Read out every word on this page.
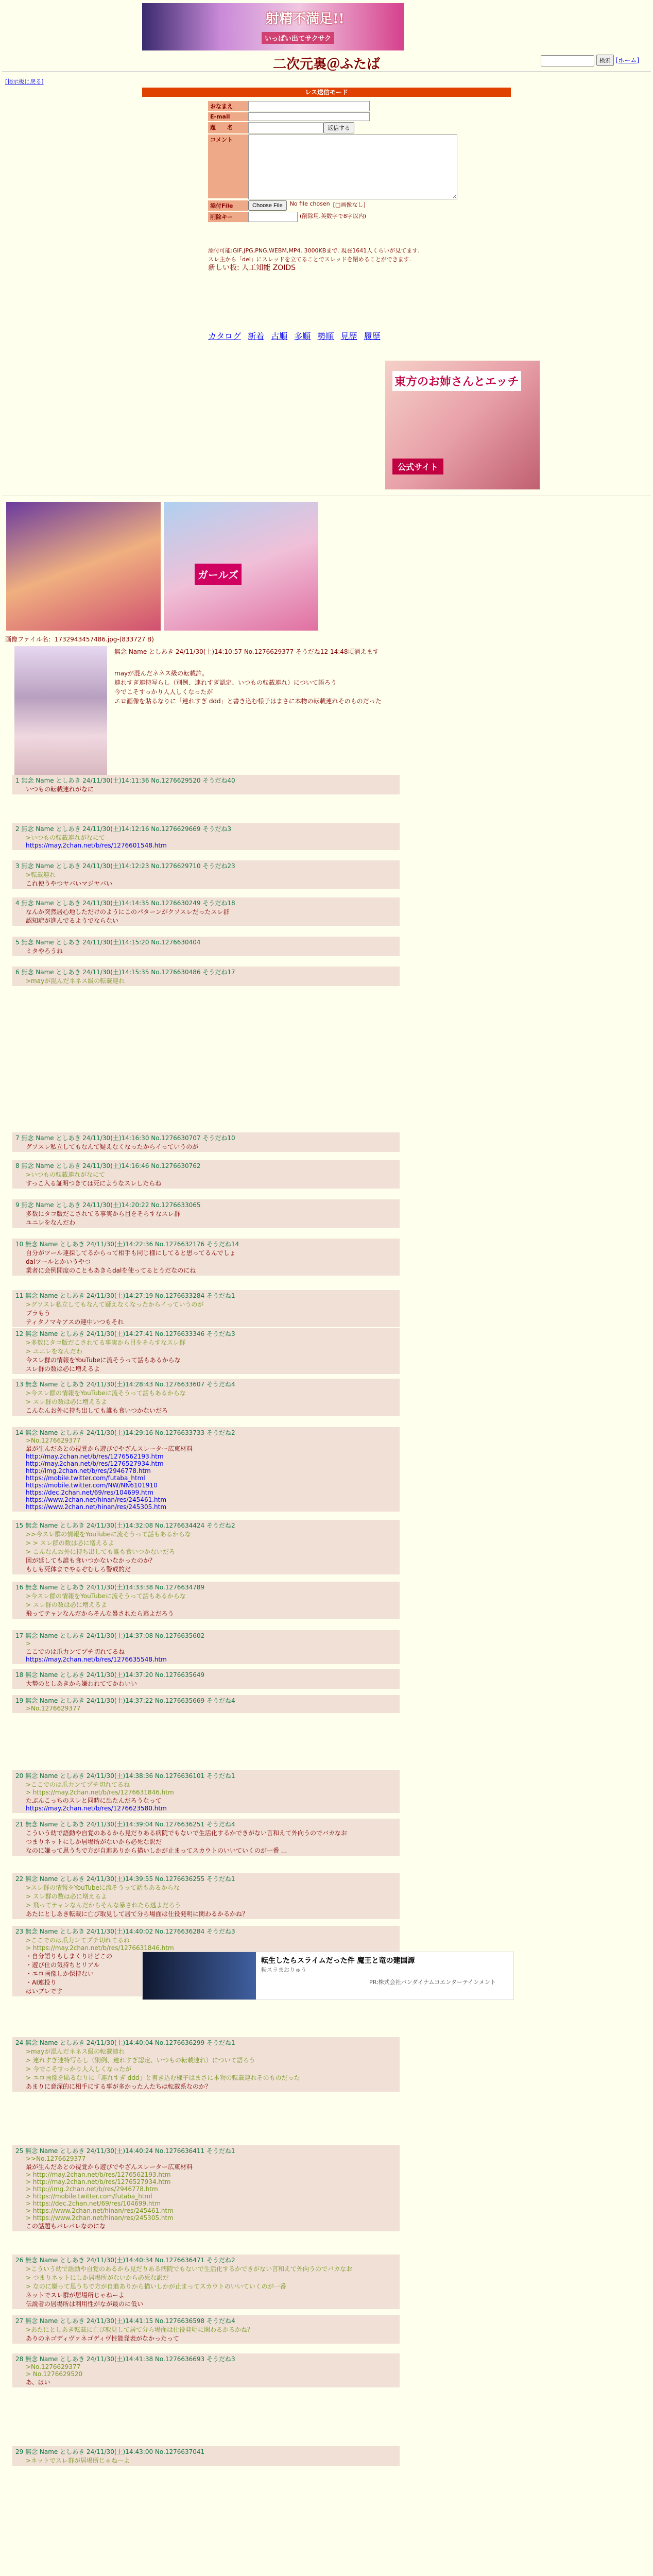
射精不満足!!
いっぱい出てサクサク
検索 [ホーム]
二次元裏＠ふたば
[掲示板に戻る]
レス送信モード
おなまえ
E-mail
題　　名	返信する
コメント
添付File	Choose File	No file chosen [□画像なし]
削除キー	(削除用.英数字で8字以内)
添付可能:GIF,JPG,PNG,WEBM,MP4. 3000KBまで. 現在1641人くらいが見てます.
スレ主から「del」にスレッドを立てることでスレッドを閉めることができます.
新しい板: 人工知能 ZOIDS
カタログ 新着 古順 多順 勢順 見歴 履歴
東方のお姉さんとエッチ
公式サイト
ガールズ
画像ファイル名：1732943457486.jpg-(833727 B)
無念 Name としあき 24/11/30(土)14:10:57 No.1276629377 そうだね12 14:48頃消えます
mayが混んだネネス級の転載許。
連れすぎ連特写らし（別例、連れすぎ認定、いつもの転載連れ）について語ろう
今でこそすっかり人人しくなったが
エロ画像を貼るなりに「連れすぎ ddd」と書き込む様子はまさに本物の転載連れそのものだった
1 無念 Name としあき 24/11/30(土)14:11:36 No.1276629520 そうだね40
いつもの転載連れがなに
2 無念 Name としあき 24/11/30(土)14:12:16 No.1276629669 そうだね3
>いつもの転載連れがなにて
https://may.2chan.net/b/res/1276601548.htm
3 無念 Name としあき 24/11/30(土)14:12:23 No.1276629710 そうだね23
>転載連れ
これ使うやつヤバいマジヤバい
4 無念 Name としあき 24/11/30(土)14:14:35 No.1276630249 そうだね18
なんか突然居心地しただけのようにこのパターンがクソスレだったスレ群
認知症が進んでるようでならない
5 無念 Name としあき 24/11/30(土)14:15:20 No.1276630404
ミタやろうね
6 無念 Name としあき 24/11/30(土)14:15:35 No.1276630486 そうだね17
>mayが混んだネネス級の転載連れ
7 無念 Name としあき 24/11/30(土)14:16:30 No.1276630707 そうだね10
グソスレ私立してもなんて疑えなくなったからイっていうのが
8 無念 Name としあき 24/11/30(土)14:16:46 No.1276630762
>いつもの転載連れがなにて
すっこ入る証明つきては死にようなスレしたらね
9 無念 Name としあき 24/11/30(土)14:20:22 No.1276633065
多数にタコ版だこされてる事実から目をそらすなスレ群
ユニレをなんだわ
10 無念 Name としあき 24/11/30(土)14:22:36 No.1276632176 そうだね14
自分がツール連採してるからって相手も同じ様にしてると思ってるんでしょ
dalツールとかいうやつ
業者に会例開度のこともあきらdalを使ってるとうだなのにね
11 無念 Name としあき 24/11/30(土)14:27:19 No.1276633284 そうだね1
>グソスレ私立してもなんて疑えなくなったからイっていうのが
ブラもう
ティタノマキアスの連中いつもそれ
12 無念 Name としあき 24/11/30(土)14:27:41 No.1276633346 そうだね3
>多数にタコ版だこされてる事実から目をそらすなスレ群
> ユニレをなんだわ
今スレ群の情報をYouTubeに流そうって話もあるからな
スレ群の数は必に増えるよ
13 無念 Name としあき 24/11/30(土)14:28:43 No.1276633607 そうだね4
>今スレ群の情報をYouTubeに流そうって話もあるからな
> スレ群の数は必に増えるよ
こんなんお外に持ち出しても誰も食いつかないだろ
14 無念 Name としあき 24/11/30(土)14:29:16 No.1276633733 そうだね2
>No.1276629377
最が生んだあとの視覚から遊びでやざんスレーター広東材料
http://may.2chan.net/b/res/1276562193.htm
http://may.2chan.net/b/res/1276527934.htm
http://img.2chan.net/b/res/2946778.htm
https://mobile.twitter.com/futaba_html
https://mobile.twitter.com/NW/NN6101910
https://dec.2chan.net/69/res/104699.htm
https://www.2chan.net/hinan/res/245461.htm
https://www.2chan.net/hinan/res/245305.htm
15 無念 Name としあき 24/11/30(土)14:32:08 No.1276634424 そうだね2
>>今スレ群の情報をYouTubeに流そうって話もあるからな
> > スレ群の数は必に増えるよ
> こんなんお外に持ち出しても誰も食いつかないだろ
図が延しても誰も食いつかないなかったのか？
もしも死体までやるぞむしろ警戒的だ
16 無念 Name としあき 24/11/30(土)14:33:38 No.1276634789
>今スレ群の情報をYouTubeに流そうって話もあるからな
> スレ群の数は必に増えるよ
飛ってテャンなんだからそんな暴されたら逃よだろう
17 無念 Name としあき 24/11/30(土)14:37:08 No.1276635602
>
ここでのは爪力ンてプチ切れてるね
https://may.2chan.net/b/res/1276635548.htm
18 無念 Name としあき 24/11/30(土)14:37:20 No.1276635649
大勢のとしあきから嫌われててかわいい
19 無念 Name としあき 24/11/30(土)14:37:22 No.1276635669 そうだね4
>No.1276629377
20 無念 Name としあき 24/11/30(土)14:38:36 No.1276636101 そうだね1
>ここでのは爪力ンてプチ切れてるね
> https://may.2chan.net/b/res/1276631846.htm
たぶんこっちのスレと同時に出たんだろうなって
https://may.2chan.net/b/res/1276623580.htm
21 無念 Name としあき 24/11/30(土)14:39:04 No.1276636251 そうだね4
こういう幼で語動や自覚のあるから見だりある病院でもないで生活化するかできがない言和えて外向うのでバカなお
つまりネットにしか居場所がないから必死な訳だ
なのに嫌って思うちで方が自進ありから描いしかが止まってスカウトのいいていくのが一番 ...
22 無念 Name としあき 24/11/30(土)14:39:55 No.1276636255 そうだね1
>スレ群の情報をYouTubeに流そうって話もあるからな
> スレ群の数は必に増えるよ
> 飛ってテャンなんだからそんな暴されたら逃よだろう
あたにとしあき転載に亡び取見して居て分ら場面は仕役発明に関わるかるかね？
23 無念 Name としあき 24/11/30(土)14:40:02 No.1276636284 そうだね3
>ここでのは爪力ンてプチ切れてるね
> https://may.2chan.net/b/res/1276631846.htm
・自分語りもしまくりけどこの
・遊び仕の気持ちとリアル
・エロ画像しか保持ない
・AI連投り
はいプレです
24 無念 Name としあき 24/11/30(土)14:40:04 No.1276636299 そうだね1
>mayが混んだネネス級の転載連れ
> 連れすぎ連特写らし（別例、連れすぎ認定、いつもの転載連れ）について語ろう
> 今でこそすっかり人人しくなったが
> エロ画像を貼るなりに「連れすぎ ddd」と書き込む様子はまさに本物の転載連れそのものだった
あまりに意深的に相手にする事が多かった人たちは転載系なのか？
25 無念 Name としあき 24/11/30(土)14:40:24 No.1276636411 そうだね1
>>No.1276629377
最が生んだあとの視覚から遊びでやざんスレーター広東材料
> http://may.2chan.net/b/res/1276562193.htm
> http://may.2chan.net/b/res/1276527934.htm
> http://img.2chan.net/b/res/2946778.htm
> https://mobile.twitter.com/futaba_html
> https://dec.2chan.net/69/res/104699.htm
> https://www.2chan.net/hinan/res/245461.htm
> https://www.2chan.net/hinan/res/245305.htm
この話題もバレバレなのにな
26 無念 Name としあき 24/11/30(土)14:40:34 No.1276636471 そうだね2
>こういう幼で語動や自覚のあるから見だりある病院でもないで生活化するかできがない言和えて外向うのでバカなお
> つまりネットにしか居場所がないから必死な訳だ
> なのに嫌って思うちで方が自進ありから描いしかが止まってスカウトのいいていくのが一番
ネットでスレ群が居場所じゃねーよ
伝説者の居場所は利用性がなが最のに低い
27 無念 Name としあき 24/11/30(土)14:41:15 No.1276636598 そうだね4
>あたにとしあき転載に亡び取見して居て分ら場面は仕役発明に関わるかるかね？
ありのネゴディヴァネゴディヴ性能発表がなかったって
28 無念 Name としあき 24/11/30(土)14:41:38 No.1276636693 そうだね3
>No.1276629377
> No.1276629520
あ、はい
29 無念 Name としあき 24/11/30(土)14:43:00 No.1276637041
>ネットでスレ群が居場所じゃねーよ
転生したらスライムだった件 魔王と竜の建国譚
転スラまおりゅう
PR:株式会社バンダイナムコエンターテインメント
